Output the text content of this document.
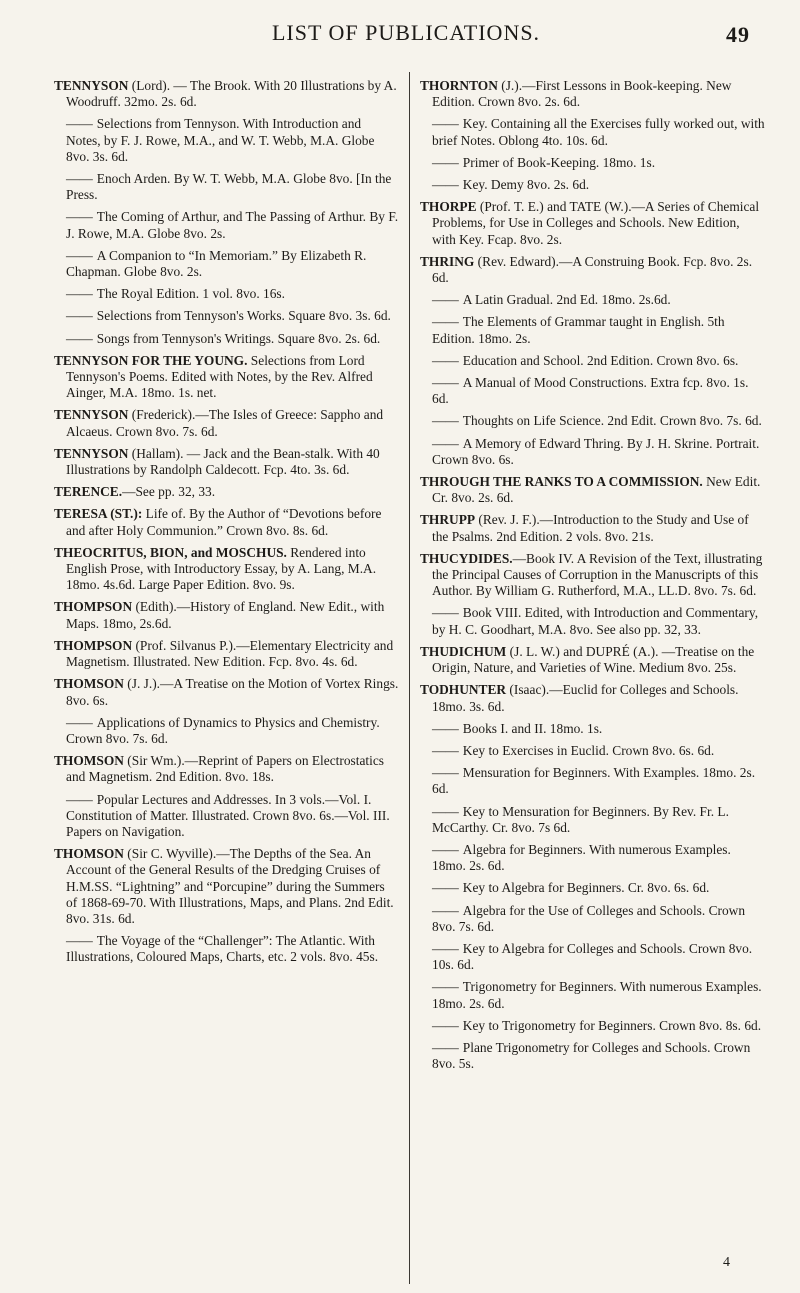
LIST OF PUBLICATIONS.	49

TENNYSON (Lord). — The Brook. With 20 Illustrations by A. Woodruff. 32mo. 2s. 6d.

—— Selections from Tennyson. With Introduction and Notes, by F. J. Rowe, M.A., and W. T. Webb, M.A. Globe 8vo. 3s. 6d.

—— Enoch Arden. By W. T. Webb, M.A. Globe 8vo. [In the Press.

—— The Coming of Arthur, and The Passing of Arthur. By F. J. Rowe, M.A. Globe 8vo. 2s.

—— A Companion to “In Memoriam.” By Elizabeth R. Chapman. Globe 8vo. 2s.

—— The Royal Edition. 1 vol. 8vo. 16s.

—— Selections from Tennyson's Works. Square 8vo. 3s. 6d.

—— Songs from Tennyson's Writings. Square 8vo. 2s. 6d.

TENNYSON FOR THE YOUNG. Selections from Lord Tennyson's Poems. Edited with Notes, by the Rev. Alfred Ainger, M.A. 18mo. 1s. net.

TENNYSON (Frederick).—The Isles of Greece: Sappho and Alcaeus. Crown 8vo. 7s. 6d.

TENNYSON (Hallam). — Jack and the Bean-stalk. With 40 Illustrations by Randolph Caldecott. Fcp. 4to. 3s. 6d.

TERENCE.—See pp. 32, 33.

TERESA (ST.): Life of. By the Author of “Devotions before and after Holy Communion.” Crown 8vo. 8s. 6d.

THEOCRITUS, BION, and MOSCHUS. Rendered into English Prose, with Introductory Essay, by A. Lang, M.A. 18mo. 4s.6d. Large Paper Edition. 8vo. 9s.

THOMPSON (Edith).—History of England. New Edit., with Maps. 18mo, 2s.6d.

THOMPSON (Prof. Silvanus P.).—Elementary Electricity and Magnetism. Illustrated. New Edition. Fcp. 8vo. 4s. 6d.

THOMSON (J. J.).—A Treatise on the Motion of Vortex Rings. 8vo. 6s.

—— Applications of Dynamics to Physics and Chemistry. Crown 8vo. 7s. 6d.

THOMSON (Sir Wm.).—Reprint of Papers on Electrostatics and Magnetism. 2nd Edition. 8vo. 18s.

—— Popular Lectures and Addresses. In 3 vols.—Vol. I. Constitution of Matter. Illustrated. Crown 8vo. 6s.—Vol. III. Papers on Navigation.

THOMSON (Sir C. Wyville).—The Depths of the Sea. An Account of the General Results of the Dredging Cruises of H.M.SS. “Lightning” and “Porcupine” during the Summers of 1868-69-70. With Illustrations, Maps, and Plans. 2nd Edit. 8vo. 31s. 6d.

—— The Voyage of the “Challenger”: The Atlantic. With Illustrations, Coloured Maps, Charts, etc. 2 vols. 8vo. 45s.

THORNTON (J.).—First Lessons in Book-keeping. New Edition. Crown 8vo. 2s. 6d.

—— Key. Containing all the Exercises fully worked out, with brief Notes. Oblong 4to. 10s. 6d.

—— Primer of Book-Keeping. 18mo. 1s.

—— Key. Demy 8vo. 2s. 6d.

THORPE (Prof. T. E.) and TATE (W.).—A Series of Chemical Problems, for Use in Colleges and Schools. New Edition, with Key. Fcap. 8vo. 2s.

THRING (Rev. Edward).—A Construing Book. Fcp. 8vo. 2s. 6d.

—— A Latin Gradual. 2nd Ed. 18mo. 2s.6d.

—— The Elements of Grammar taught in English. 5th Edition. 18mo. 2s.

—— Education and School. 2nd Edition. Crown 8vo. 6s.

—— A Manual of Mood Constructions. Extra fcp. 8vo. 1s. 6d.

—— Thoughts on Life Science. 2nd Edit. Crown 8vo. 7s. 6d.

—— A Memory of Edward Thring. By J. H. Skrine. Portrait. Crown 8vo. 6s.

THROUGH THE RANKS TO A COMMISSION. New Edit. Cr. 8vo. 2s. 6d.

THRUPP (Rev. J. F.).—Introduction to the Study and Use of the Psalms. 2nd Edition. 2 vols. 8vo. 21s.

THUCYDIDES.—Book IV. A Revision of the Text, illustrating the Principal Causes of Corruption in the Manuscripts of this Author. By William G. Rutherford, M.A., LL.D. 8vo. 7s. 6d.

—— Book VIII. Edited, with Introduction and Commentary, by H. C. Goodhart, M.A. 8vo. See also pp. 32, 33.

THUDICHUM (J. L. W.) and DUPRÉ (A.). —Treatise on the Origin, Nature, and Varieties of Wine. Medium 8vo. 25s.

TODHUNTER (Isaac).—Euclid for Colleges and Schools. 18mo. 3s. 6d.

—— Books I. and II. 18mo. 1s.

—— Key to Exercises in Euclid. Crown 8vo. 6s. 6d.

—— Mensuration for Beginners. With Examples. 18mo. 2s. 6d.

—— Key to Mensuration for Beginners. By Rev. Fr. L. McCarthy. Cr. 8vo. 7s 6d.

—— Algebra for Beginners. With numerous Examples. 18mo. 2s. 6d.

—— Key to Algebra for Beginners. Cr. 8vo. 6s. 6d.

—— Algebra for the Use of Colleges and Schools. Crown 8vo. 7s. 6d.

—— Key to Algebra for Colleges and Schools. Crown 8vo. 10s. 6d.

—— Trigonometry for Beginners. With numerous Examples. 18mo. 2s. 6d.

—— Key to Trigonometry for Beginners. Crown 8vo. 8s. 6d.

—— Plane Trigonometry for Colleges and Schools. Crown 8vo. 5s.

4
